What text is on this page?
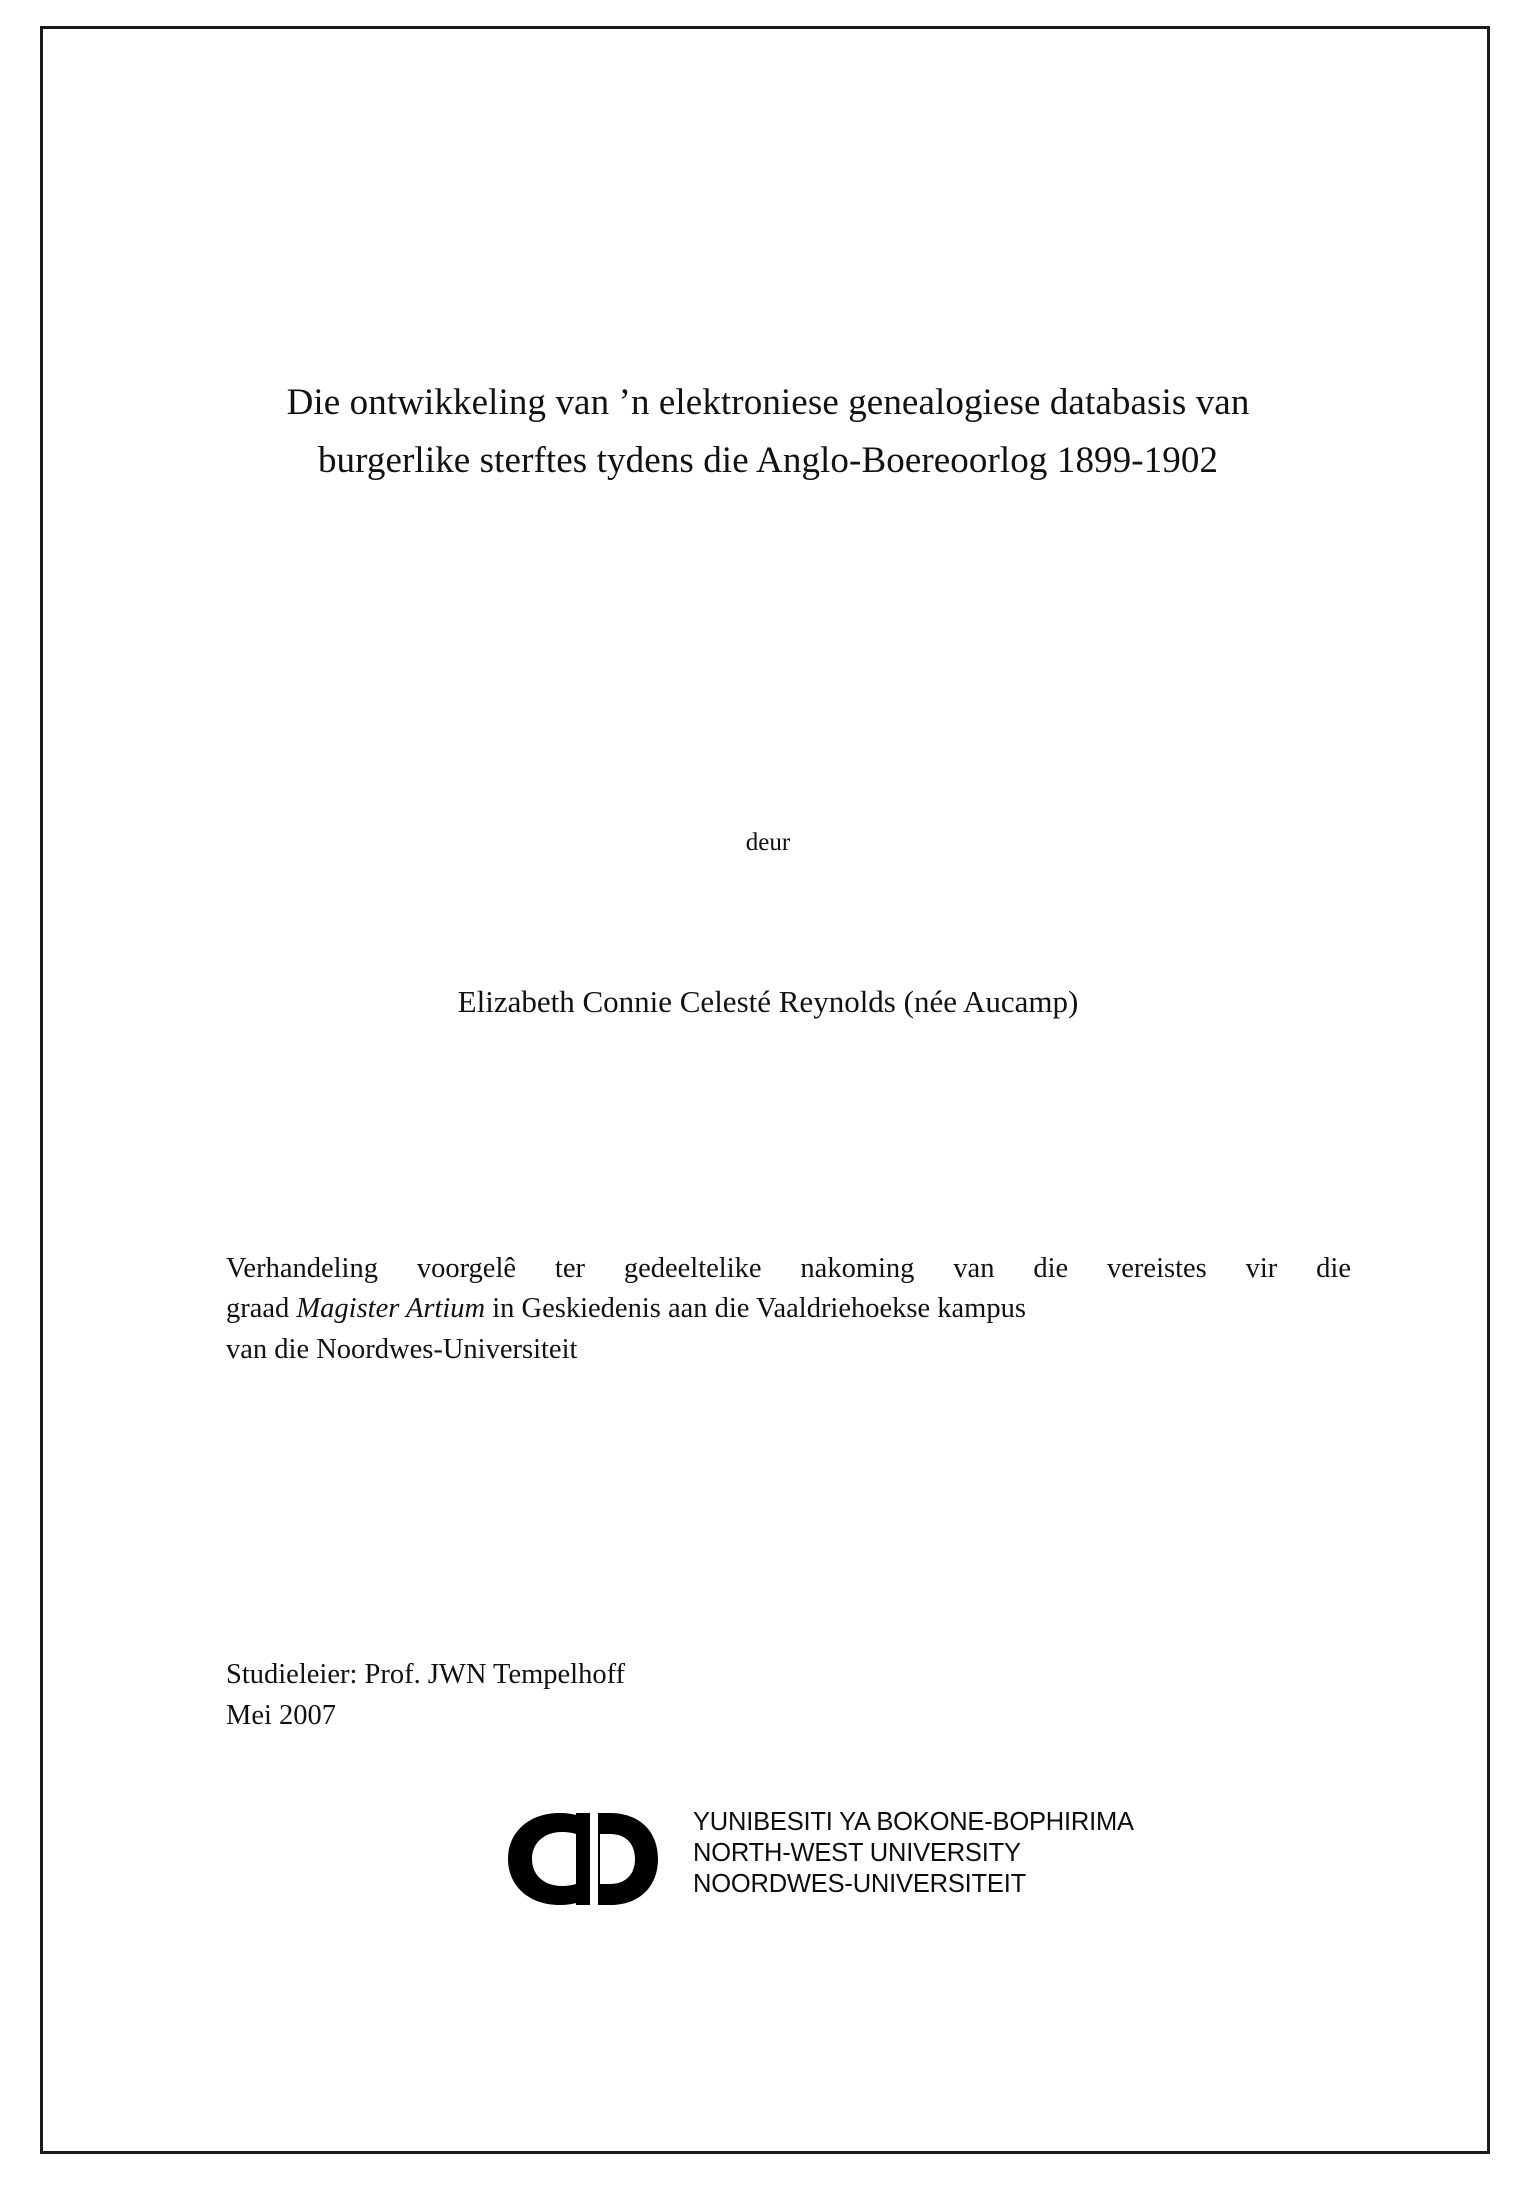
Die ontwikkeling van ’n elektroniese genealogiese databasis van
burgerlike sterftes tydens die Anglo-Boereoorlog 1899-1902
deur
Elizabeth Connie Celesté Reynolds (née Aucamp)

Verhandeling voorgelê ter gedeeltelike nakoming van die vereistes vir die

graad Magister Artium in Geskiedenis aan die Vaaldriehoekse kampus

van die Noordwes-Universiteit

Studieleier: Prof. JWN Tempelhoff

Mei 2007

YUNIBESITI YA BOKONE-BOPHIRIMA
NORTH-WEST UNIVERSITY
NOORDWES-UNIVERSITEIT
